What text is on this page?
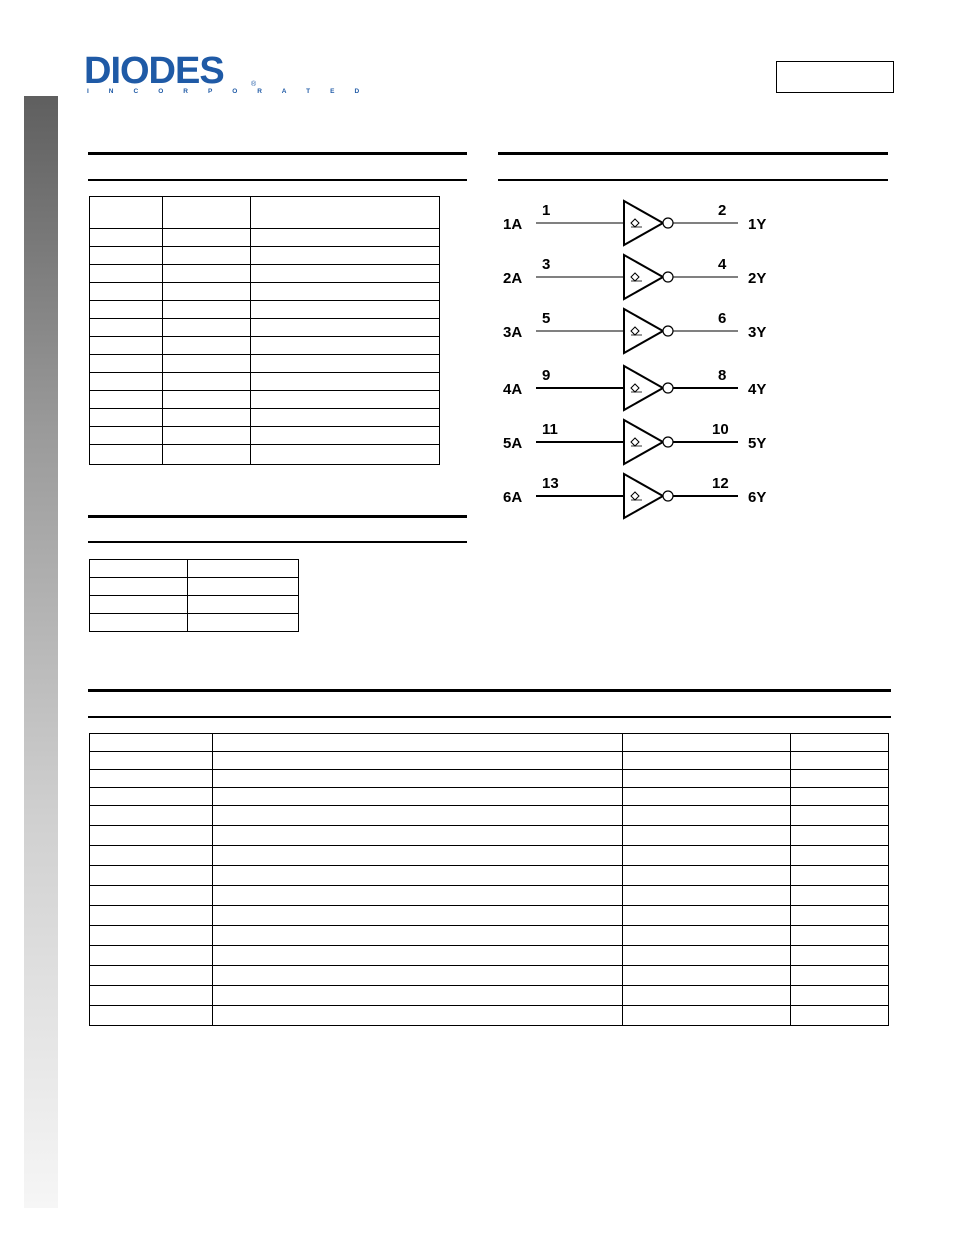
DIODES
I N C O R P O R A T E D
®

1A
1	2
1Y
2A
3	4
2Y
3A
5	6
3Y
4A
9	8
4Y
5A
11	10
5Y
6A
13	12
6Y
